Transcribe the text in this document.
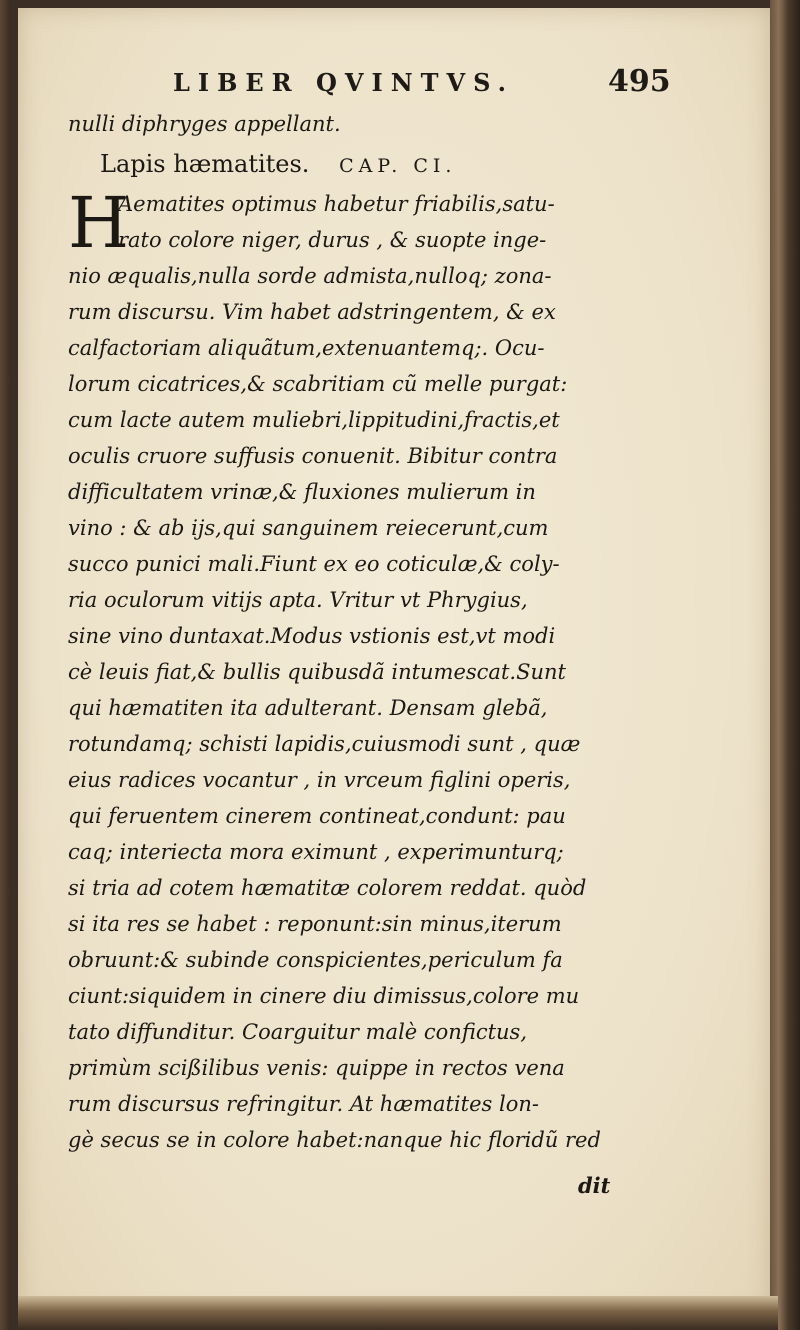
LIBER QVINTVS.	495
nulli diphryges appellant.
Lapis hæmatites. CAP. CI.
H
Aematites optimus habetur friabilis,satu-
rato colore niger, durus , & suopte inge-
nio æqualis,nulla sorde admista,nulloq; zona-
rum discursu. Vim habet adstringentem, & ex
calfactoriam aliquãtum,extenuantemq;. Ocu-
lorum cicatrices,& scabritiam cũ melle purgat:
cum lacte autem muliebri,lippitudini,fractis,et
oculis cruore suffusis conuenit. Bibitur contra
difficultatem vrinæ,& fluxiones mulierum in
vino : & ab ijs,qui sanguinem reiecerunt,cum
succo punici mali.Fiunt ex eo coticulæ,& coly-
ria oculorum vitijs apta. Vritur vt Phrygius,
sine vino duntaxat.Modus vstionis est,vt modi
cè leuis fiat,& bullis quibusdã intumescat.Sunt
qui hæmatiten ita adulterant. Densam glebã,
rotundamq; schisti lapidis,cuiusmodi sunt , quæ
eius radices vocantur , in vrceum figlini operis,
qui feruentem cinerem contineat,condunt: pau
caq; interiecta mora eximunt , experimunturq;
si tria ad cotem hæmatitæ colorem reddat. quòd
si ita res se habet : reponunt:sin minus,iterum
obruunt:& subinde conspicientes,periculum fa
ciunt:siquidem in cinere diu dimissus,colore mu
tato diffunditur. Coarguitur malè confictus,
primùm scißilibus venis: quippe in rectos vena
rum discursus refringitur. At hæmatites lon-
gè secus se in colore habet:nanque hic floridũ red
dit
